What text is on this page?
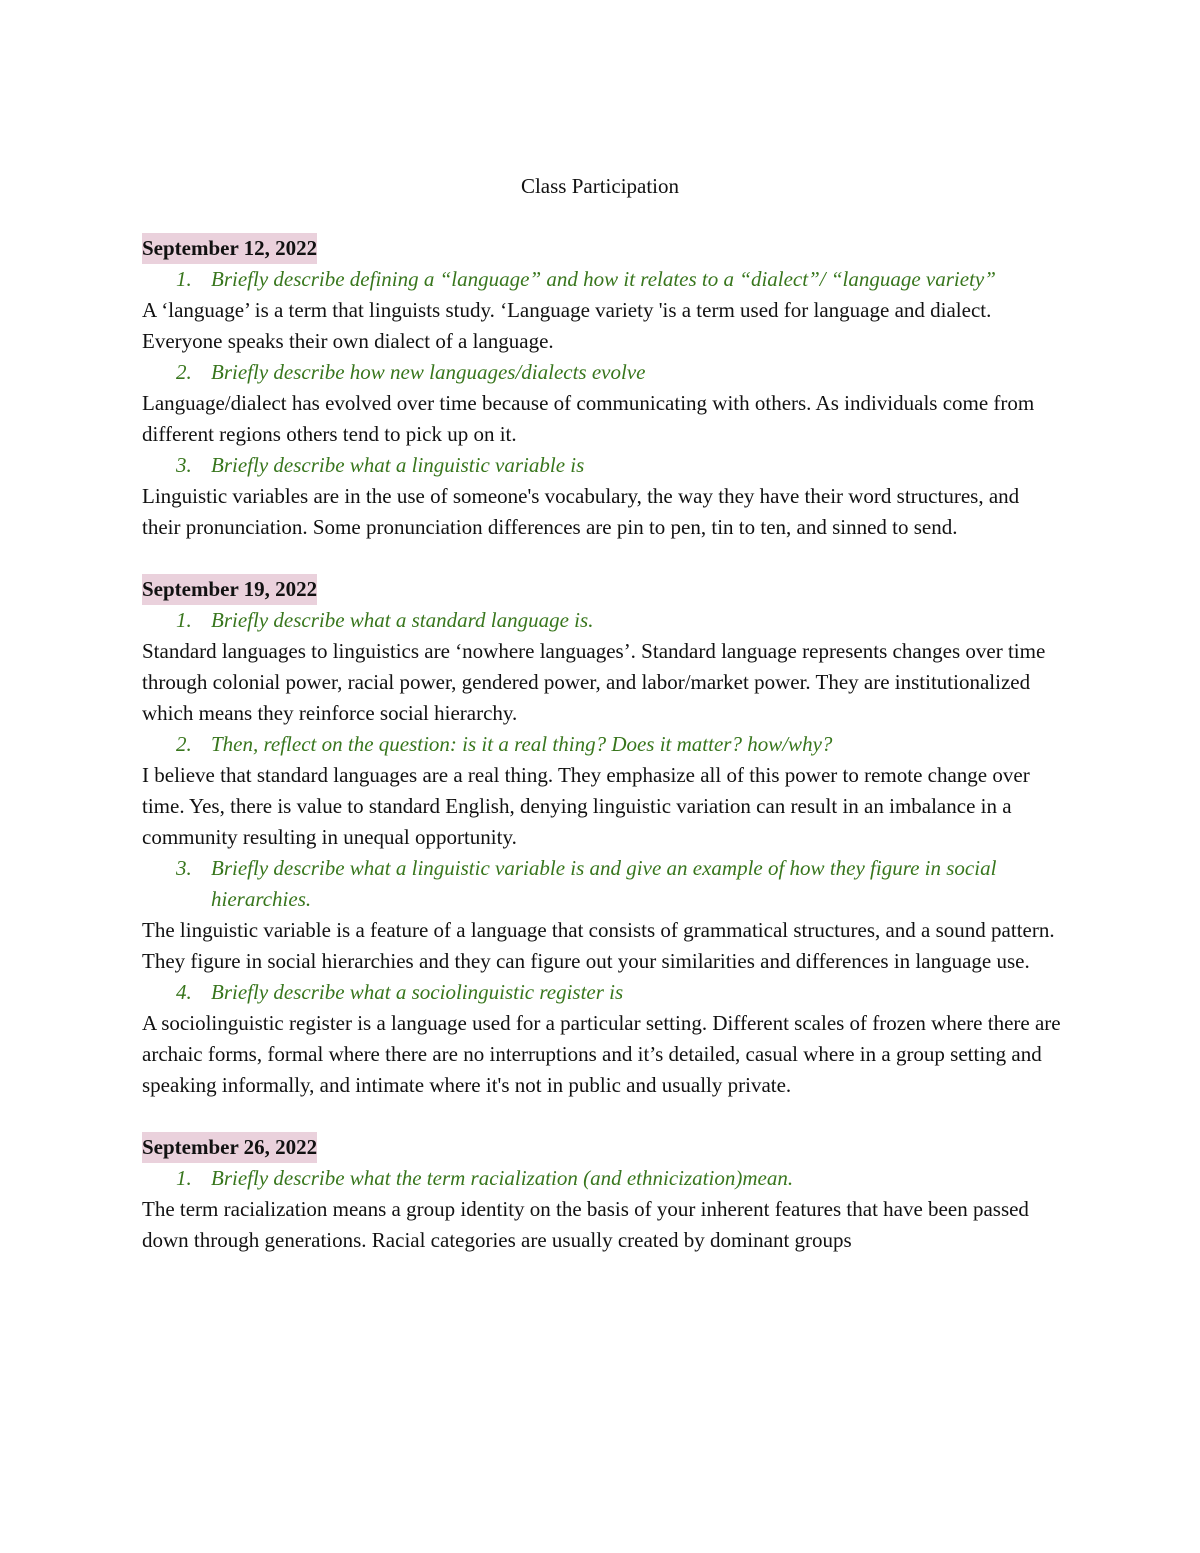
Class Participation

September 12, 2022

1. Briefly describe defining a “language” and how it relates to a “dialect”/ “language variety”

A ‘language’ is a term that linguists study. ‘Language variety 'is a term used for language and dialect. Everyone speaks their own dialect of a language.

2. Briefly describe how new languages/dialects evolve

Language/dialect has evolved over time because of communicating with others. As individuals come from different regions others tend to pick up on it.

3. Briefly describe what a linguistic variable is

Linguistic variables are in the use of someone's vocabulary, the way they have their word structures, and their pronunciation. Some pronunciation differences are pin to pen, tin to ten, and sinned to send.

September 19, 2022

1. Briefly describe what a standard language is.

Standard languages to linguistics are ‘nowhere languages’. Standard language represents changes over time through colonial power, racial power, gendered power, and labor/market power. They are institutionalized which means they reinforce social hierarchy.

2. Then, reflect on the question: is it a real thing? Does it matter? how/why?

I believe that standard languages are a real thing. They emphasize all of this power to remote change over time. Yes, there is value to standard English, denying linguistic variation can result in an imbalance in a community resulting in unequal opportunity.

3. Briefly describe what a linguistic variable is and give an example of how they figure in social hierarchies.

The linguistic variable is a feature of a language that consists of grammatical structures, and a sound pattern. They figure in social hierarchies and they can figure out your similarities and differences in language use.

4. Briefly describe what a sociolinguistic register is

A sociolinguistic register is a language used for a particular setting. Different scales of frozen where there are archaic forms, formal where there are no interruptions and it’s detailed, casual where in a group setting and speaking informally, and intimate where it's not in public and usually private.

September 26, 2022

1. Briefly describe what the term racialization (and ethnicization)mean.

The term racialization means a group identity on the basis of your inherent features that have been passed down through generations. Racial categories are usually created by dominant groups
